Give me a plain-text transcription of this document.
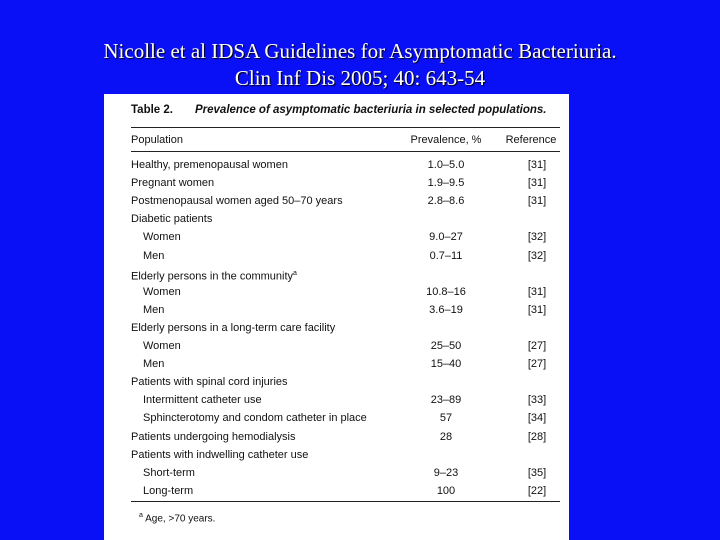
Nicolle et al IDSA Guidelines for Asymptomatic Bacteriuria.
Clin Inf Dis 2005; 40: 643-54
Table 2. Prevalence of asymptomatic bacteriuria in selected populations.
Population	Prevalence, %	Reference
Healthy, premenopausal women	1.0–5.0	[31]
Pregnant women	1.9–9.5	[31]
Postmenopausal women aged 50–70 years	2.8–8.6	[31]
Diabetic patients
Women	9.0–27	[32]
Men	0.7–11	[32]
Elderly persons in the community$^a$
Women	10.8–16	[31]
Men	3.6–19	[31]
Elderly persons in a long-term care facility
Women	25–50	[27]
Men	15–40	[27]
Patients with spinal cord injuries
Intermittent catheter use	23–89	[33]
Sphincterotomy and condom catheter in place	57	[34]
Patients undergoing hemodialysis	28	[28]
Patients with indwelling catheter use
Short-term	9–23	[35]
Long-term	100	[22]
$^a$ Age, >70 years.
